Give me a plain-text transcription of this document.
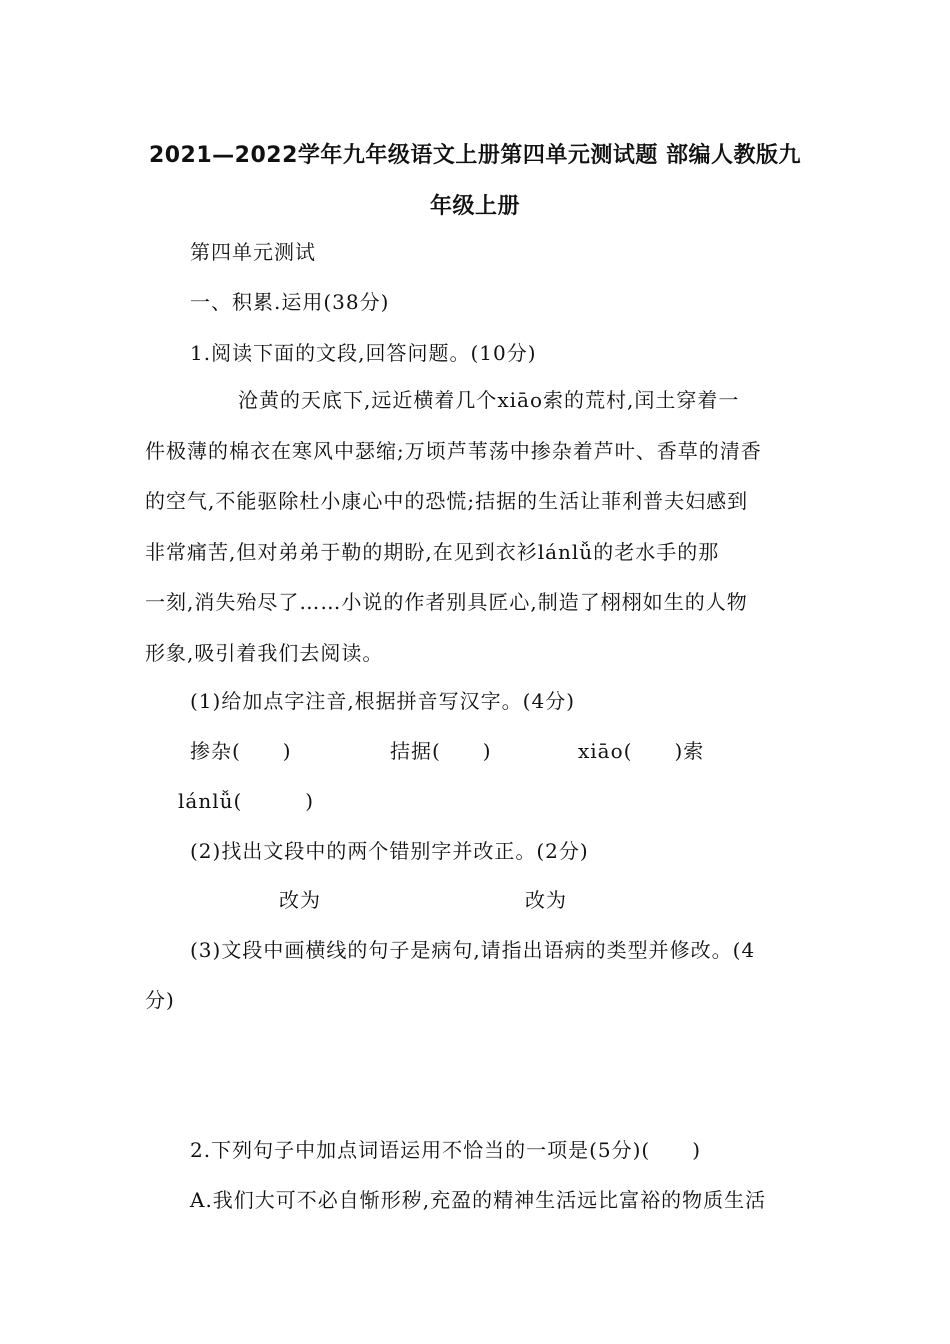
2021—2022学年九年级语文上册第四单元测试题 部编人教版九
年级上册
第四单元测试
一、积累.运用(38分)
1.阅读下面的文段,回答问题。(10分)
沧黄的天底下,远近横着几个xiāo索的荒村,闰土穿着一
件极薄的棉衣在寒风中瑟缩;万顷芦苇荡中掺杂着芦叶、香草的清香
的空气,不能驱除杜小康心中的恐慌;拮据的生活让菲利普夫妇感到
非常痛苦,但对弟弟于勒的期盼,在见到衣衫lánlǚ的老水手的那
一刻,消失殆尽了……小说的作者别具匠心,制造了栩栩如生的人物
形象,吸引着我们去阅读。
(1)给加点字注音,根据拼音写汉字。(4分)
掺杂(　　)	拮据(　　)	xiāo(　　)索
lánlǚ(　　　)
(2)找出文段中的两个错别字并改正。(2分)
改为	改为
(3)文段中画横线的句子是病句,请指出语病的类型并修改。(4
分)
2.下列句子中加点词语运用不恰当的一项是(5分)(　　)
A.我们大可不必自惭形秽,充盈的精神生活远比富裕的物质生活
